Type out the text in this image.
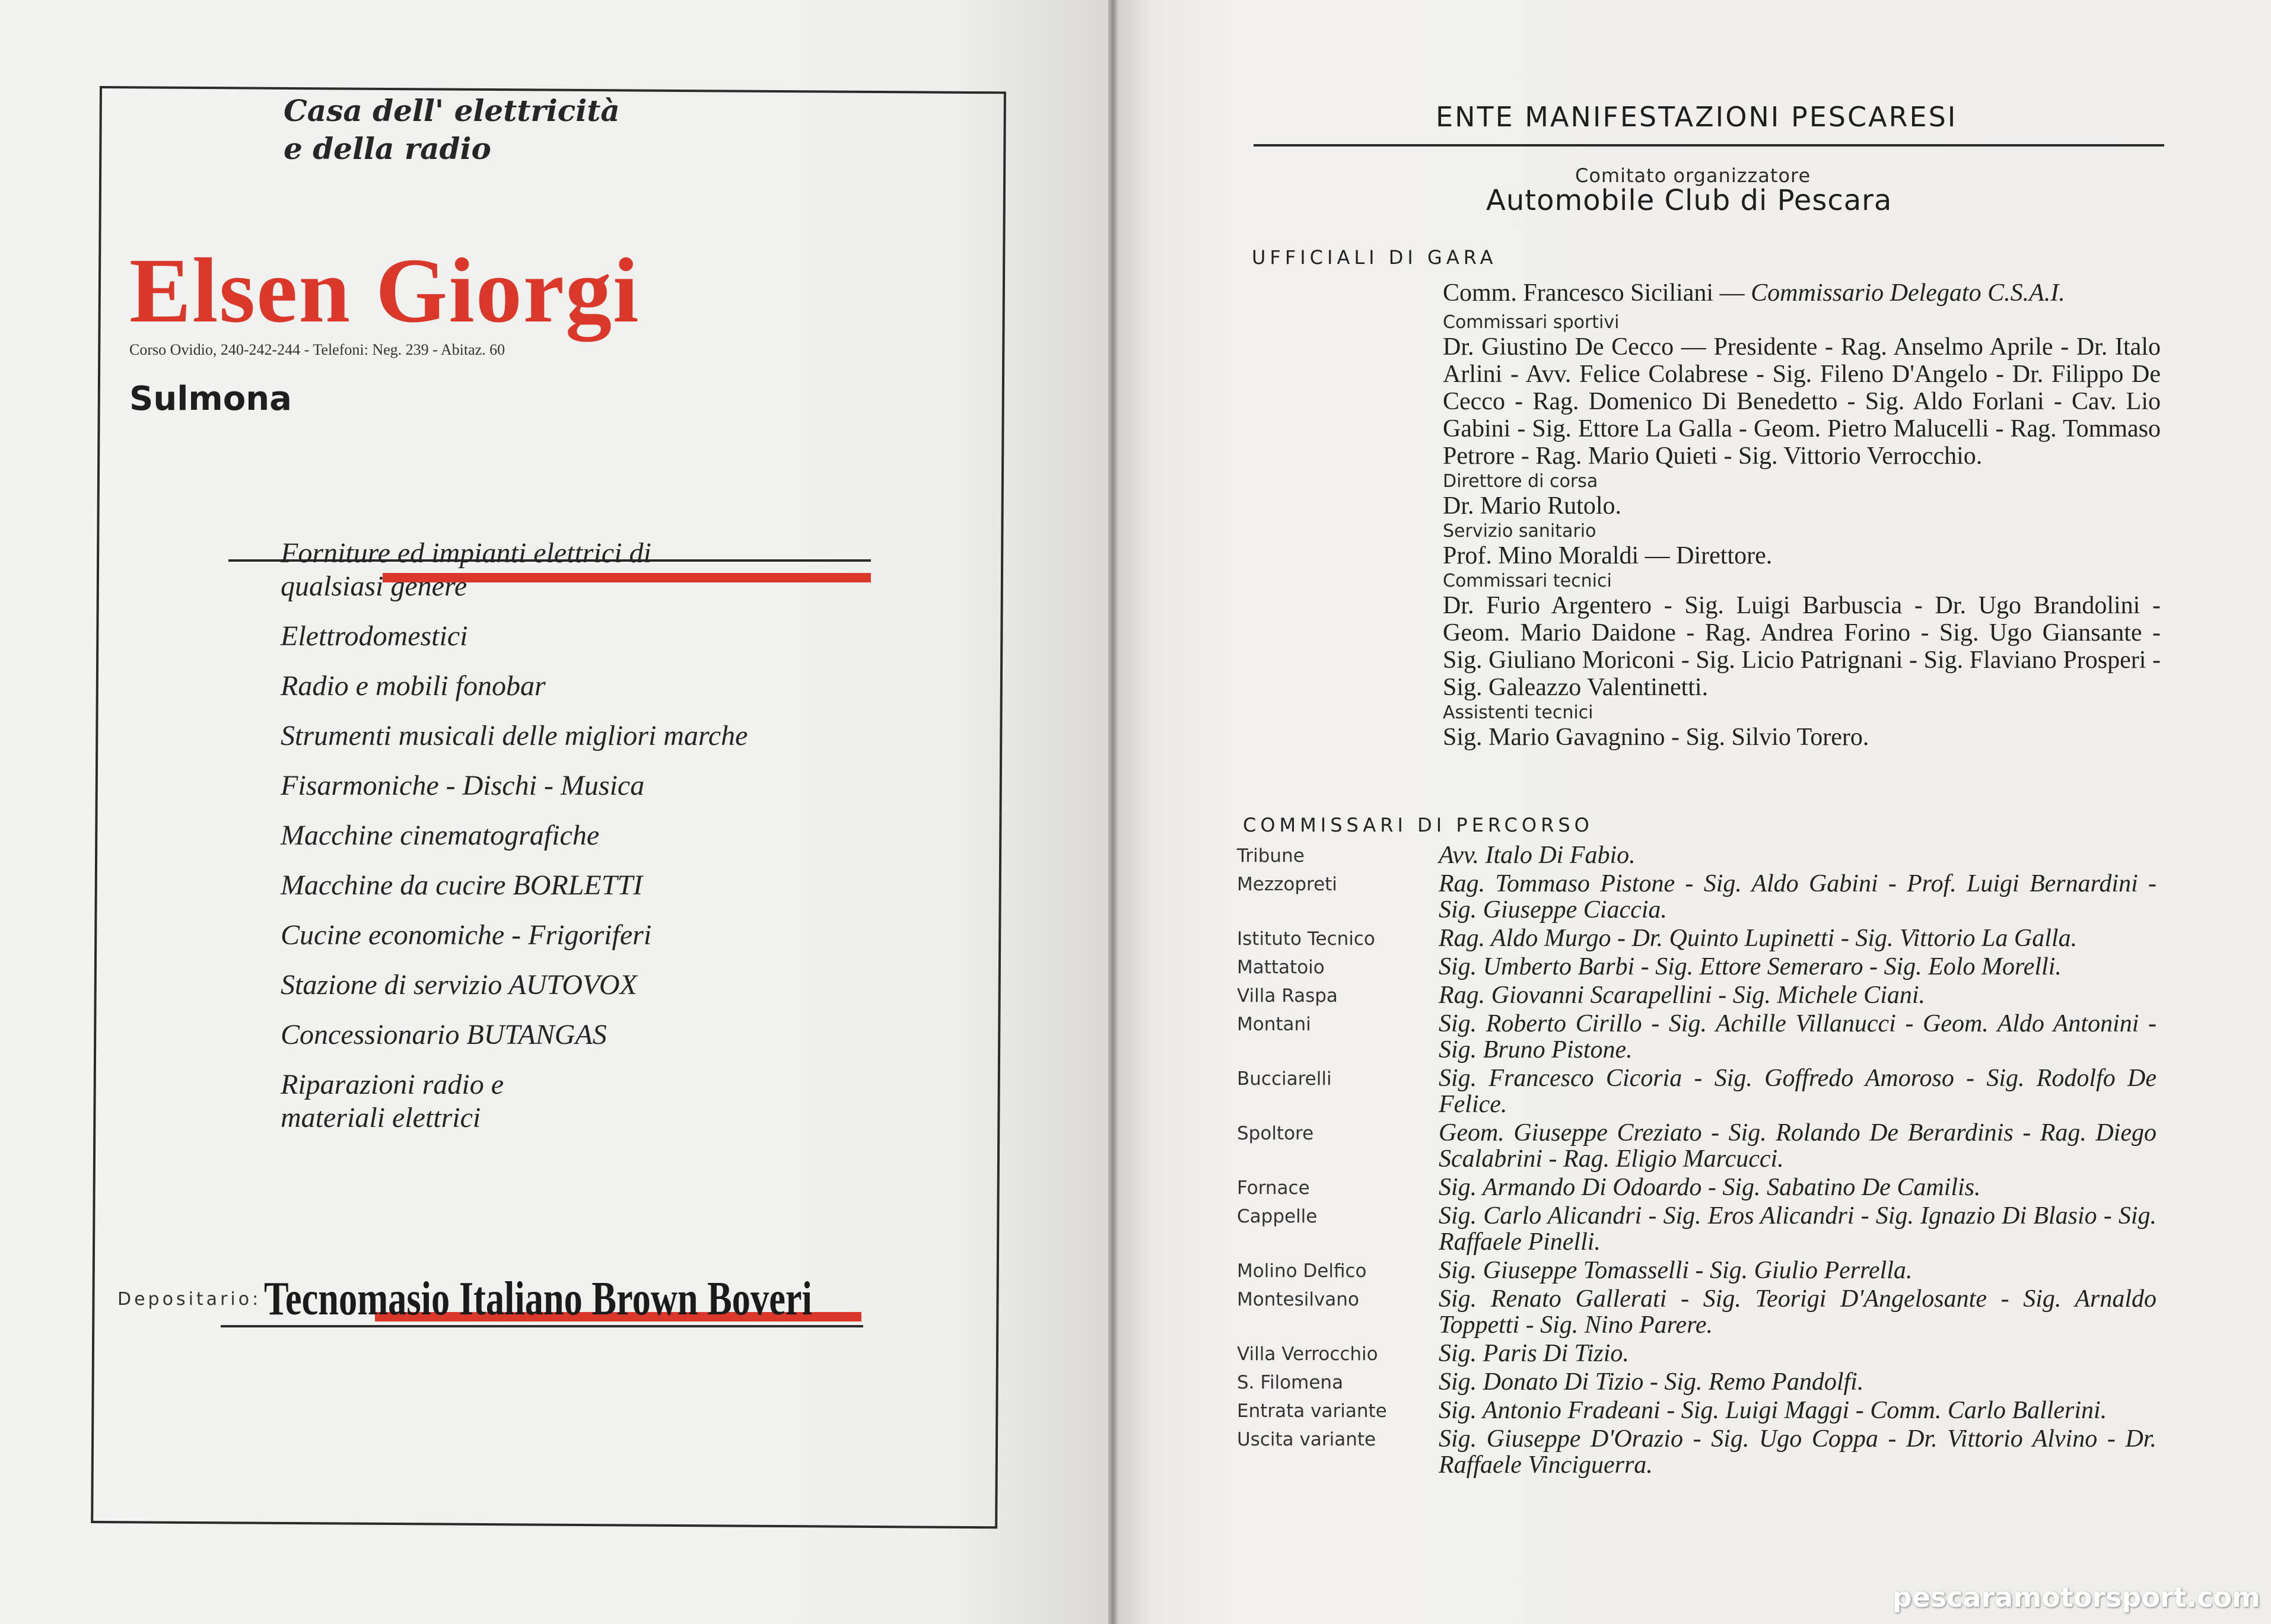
Casa dell' elettricità
e della radio
Elsen Giorgi
Corso Ovidio, 240-242-244 - Telefoni: Neg. 239 - Abitaz. 60
Sulmona
Forniture ed impianti elettrici di qualsiasi genere
Elettrodomestici
Radio e mobili fonobar
Strumenti musicali delle migliori marche
Fisarmoniche - Dischi - Musica
Macchine cinematografiche
Macchine da cucire BORLETTI
Cucine economiche - Frigoriferi
Stazione di servizio AUTOVOX
Concessionario BUTANGAS
Riparazioni radio e materiali elettrici
Depositario: Tecnomasio Italiano Brown Boveri
ENTE MANIFESTAZIONI PESCARESI
Comitato organizzatore
Automobile Club di Pescara
UFFICIALI DI GARA
Comm. Francesco Siciliani — Commissario Delegato C.S.A.I.
Commissari sportivi
Dr. Giustino De Cecco — Presidente - Rag. Anselmo Aprile - Dr. Italo Arlini - Avv. Felice Colabrese - Sig. Fileno D'Angelo - Dr. Filippo De Cecco - Rag. Domenico Di Benedetto - Sig. Aldo Forlani - Cav. Lio Gabini - Sig. Ettore La Galla - Geom. Pietro Malucelli - Rag. Tommaso Petrore - Rag. Mario Quieti - Sig. Vittorio Verrocchio.
Direttore di corsa
Dr. Mario Rutolo.
Servizio sanitario
Prof. Mino Moraldi — Direttore.
Commissari tecnici
Dr. Furio Argentero - Sig. Luigi Barbuscia - Dr. Ugo Brandolini - Geom. Mario Daidone - Rag. Andrea Forino - Sig. Ugo Giansante - Sig. Giuliano Moriconi - Sig. Licio Patrignani - Sig. Flaviano Prosperi - Sig. Galeazzo Valentinetti.
Assistenti tecnici
Sig. Mario Gavagnino - Sig. Silvio Torero.
COMMISSARI DI PERCORSO
Tribune	Avv. Italo Di Fabio.
Mezzopreti	Rag. Tommaso Pistone - Sig. Aldo Gabini - Prof. Luigi Bernardini - Sig. Giuseppe Ciaccia.
Istituto Tecnico	Rag. Aldo Murgo - Dr. Quinto Lupinetti - Sig. Vittorio La Galla.
Mattatoio	Sig. Umberto Barbi - Sig. Ettore Semeraro - Sig. Eolo Morelli.
Villa Raspa	Rag. Giovanni Scarapellini - Sig. Michele Ciani.
Montani	Sig. Roberto Cirillo - Sig. Achille Villanucci - Geom. Aldo Antonini - Sig. Bruno Pistone.
Bucciarelli	Sig. Francesco Cicoria - Sig. Goffredo Amoroso - Sig. Rodolfo De Felice.
Spoltore	Geom. Giuseppe Creziato - Sig. Rolando De Berardinis - Rag. Diego Scalabrini - Rag. Eligio Marcucci.
Fornace	Sig. Armando Di Odoardo - Sig. Sabatino De Camilis.
Cappelle	Sig. Carlo Alicandri - Sig. Eros Alicandri - Sig. Ignazio Di Blasio - Sig. Raffaele Pinelli.
Molino Delfico	Sig. Giuseppe Tomasselli - Sig. Giulio Perrella.
Montesilvano	Sig. Renato Gallerati - Sig. Teorigi D'Angelosante - Sig. Arnaldo Toppetti - Sig. Nino Parere.
Villa Verrocchio	Sig. Paris Di Tizio.
S. Filomena	Sig. Donato Di Tizio - Sig. Remo Pandolfi.
Entrata variante	Sig. Antonio Fradeani - Sig. Luigi Maggi - Comm. Carlo Ballerini.
Uscita variante	Sig. Giuseppe D'Orazio - Sig. Ugo Coppa - Dr. Vittorio Alvino - Dr. Raffaele Vinciguerra.
pescaramotorsport.com
